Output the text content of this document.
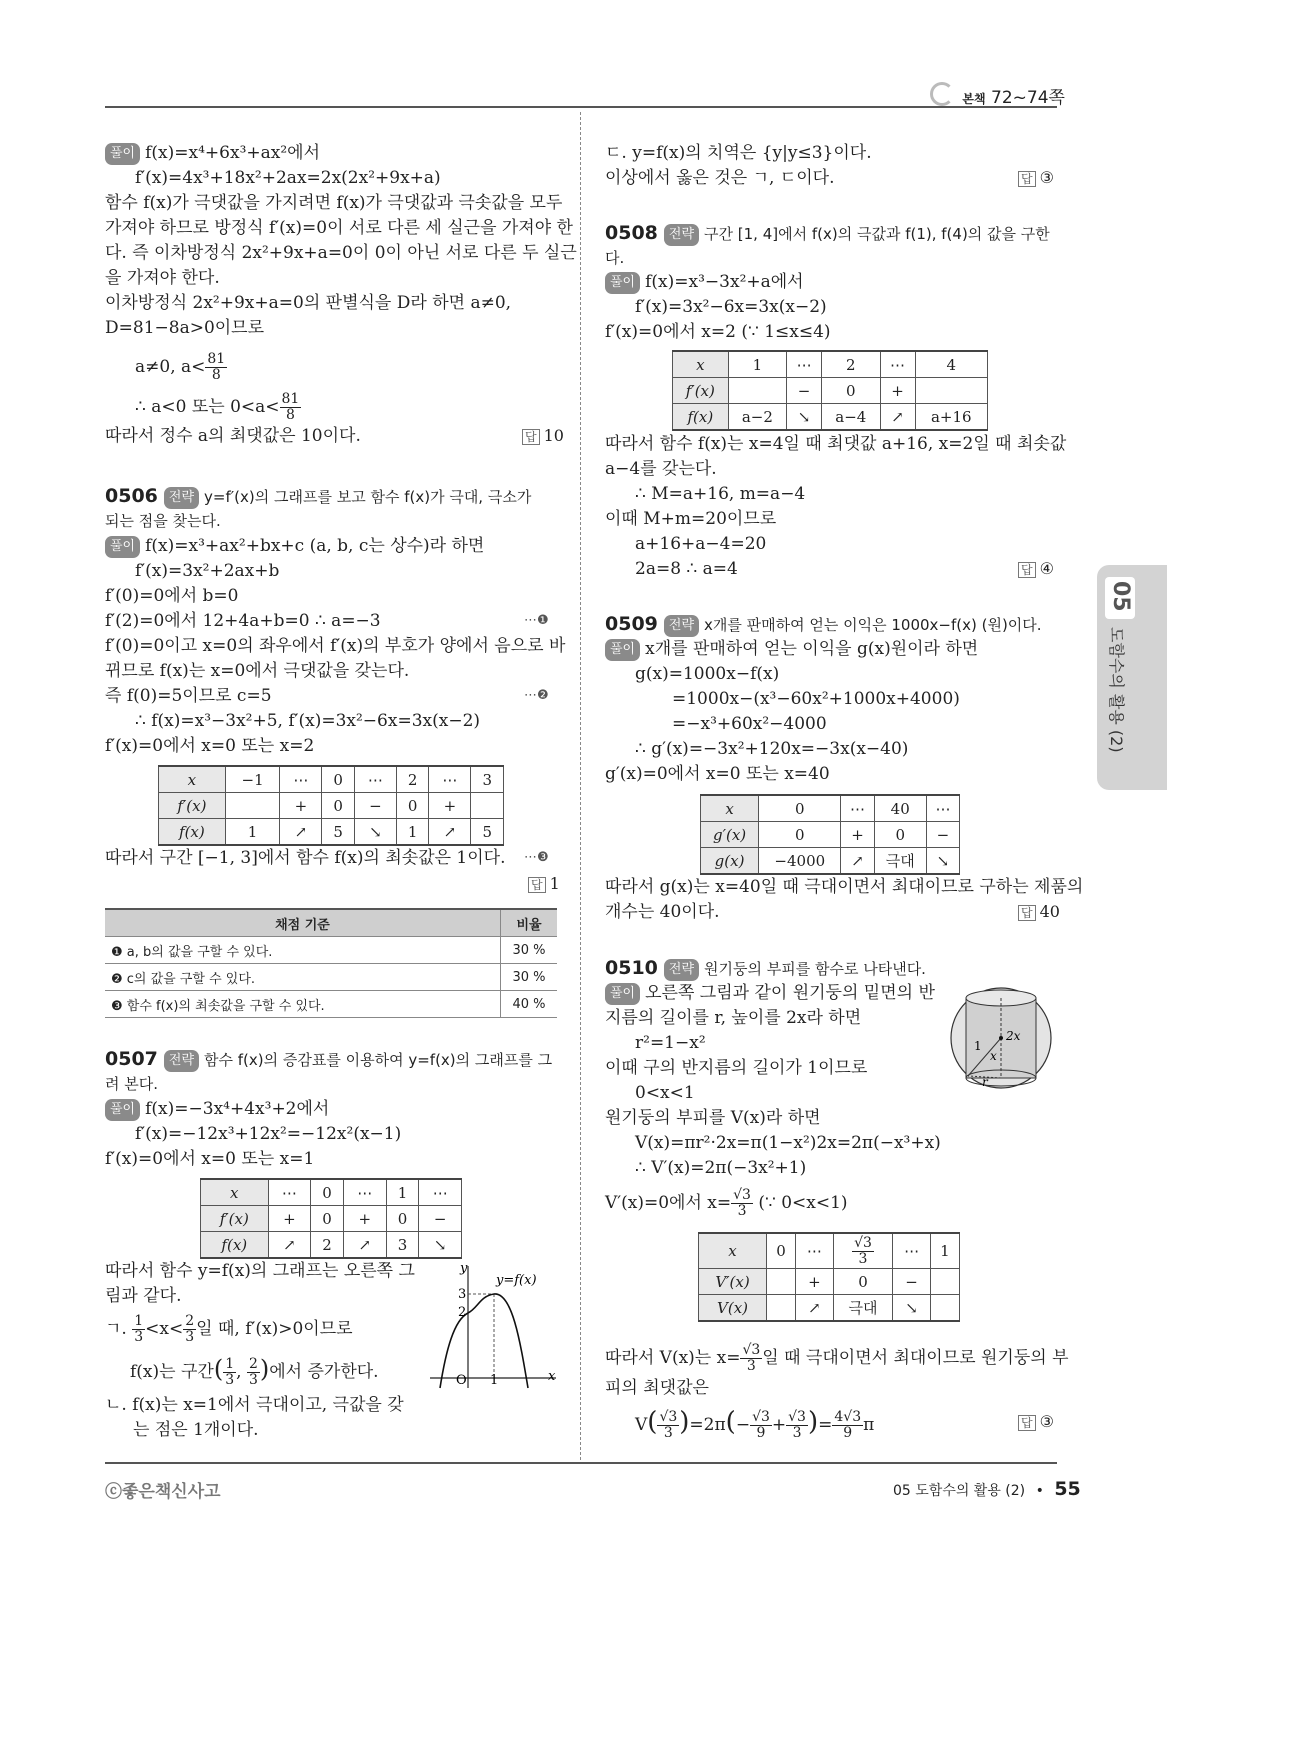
본책 72~74쪽
05
도함수의 활용 (2)
풀이 f(x)=x⁴+6x³+ax²에서
f′(x)=4x³+18x²+2ax=2x(2x²+9x+a)
함수 f(x)가 극댓값을 가지려면 f(x)가 극댓값과 극솟값을 모두
가져야 하므로 방정식 f′(x)=0이 서로 다른 세 실근을 가져야 한
다. 즉 이차방정식 2x²+9x+a=0이 0이 아닌 서로 다른 두 실근
을 가져야 한다.
이차방정식 2x²+9x+a=0의 판별식을 D라 하면 a≠0,
D=81−8a>0이므로
a≠0, $a< \frac{81}{8}$
∴ a<0 또는 $0<a< \frac{81}{8}$
따라서 정수 a의 최댓값은 10이다.	답 10
0506 전략 y=f′(x)의 그래프를 보고 함수 f(x)가 극대, 극소가
되는 점을 찾는다.
풀이 f(x)=x³+ax²+bx+c (a, b, c는 상수)라 하면
f′(x)=3x²+2ax+b
f′(0)=0에서 b=0
f′(2)=0에서 12+4a+b=0 ∴ a=−3	⋯❶
f′(0)=0이고 x=0의 좌우에서 f′(x)의 부호가 양에서 음으로 바
뀌므로 f(x)는 x=0에서 극댓값을 갖는다.
즉 f(0)=5이므로 c=5	⋯❷
∴ f(x)=x³−3x²+5, f′(x)=3x²−6x=3x(x−2)
f′(x)=0에서 x=0 또는 x=2
x	−1	⋯	0	⋯	2	⋯	3
f′(x)		+	0	−	0	+	
f(x)	1	↗	5	↘	1	↗	5
따라서 구간 [−1, 3]에서 함수 f(x)의 최솟값은 1이다. ⋯❸
답 1
채점 기준	비율
❶ a, b의 값을 구할 수 있다.	30 %
❷ c의 값을 구할 수 있다.	30 %
❸ 함수 f(x)의 최솟값을 구할 수 있다.	40 %
0507 전략 함수 f(x)의 증감표를 이용하여 y=f(x)의 그래프를 그
려 본다.
풀이 f(x)=−3x⁴+4x³+2에서
f′(x)=−12x³+12x²=−12x²(x−1)
f′(x)=0에서 x=0 또는 x=1
x	⋯	0	⋯	1	⋯
f′(x)	+	0	+	0	−
f(x)	↗	2	↗	3	↘
따라서 함수 y=f(x)의 그래프는 오른쪽 그
림과 같다.
ㄱ. $\frac{1}{3} <x< \frac{2}{3}$ 일 때, f′(x)>0이므로
f(x)는 구간( $\frac{1}{3}$ , $\frac{2}{3}$ )에서 증가한다.
ㄴ. f(x)는 x=1에서 극대이고, 극값을 갖
는 점은 1개이다.
y
x
O 1
3
2
y=f(x)
ㄷ. y=f(x)의 치역은 {y|y≤3}이다.
이상에서 옳은 것은 ㄱ, ㄷ이다.	답 ③
0508 전략 구간 [1, 4]에서 f(x)의 극값과 f(1), f(4)의 값을 구한
다.
풀이 f(x)=x³−3x²+a에서
f′(x)=3x²−6x=3x(x−2)
f′(x)=0에서 x=2 (∵ 1≤x≤4)
x	1	⋯	2	⋯	4
f′(x)		−	0	+	
f(x)	a−2	↘	a−4	↗	a+16
따라서 함수 f(x)는 x=4일 때 최댓값 a+16, x=2일 때 최솟값
a−4를 갖는다.
∴ M=a+16, m=a−4
이때 M+m=20이므로
a+16+a−4=20
2a=8 ∴ a=4	답 ④
0509 전략 x개를 판매하여 얻는 이익은 1000x−f(x) (원)이다.
풀이 x개를 판매하여 얻는 이익을 g(x)원이라 하면
g(x)=1000x−f(x)
=1000x−(x³−60x²+1000x+4000)
=−x³+60x²−4000
∴ g′(x)=−3x²+120x=−3x(x−40)
g′(x)=0에서 x=0 또는 x=40
x	0	⋯	40	⋯
g′(x)	0	+	0	−
g(x)	−4000	↗	극대	↘
따라서 g(x)는 x=40일 때 극대이면서 최대이므로 구하는 제품의
개수는 40이다.	답 40
0510 전략 원기둥의 부피를 함수로 나타낸다.
풀이 오른쪽 그림과 같이 원기둥의 밑면의 반
지름의 길이를 r, 높이를 2x라 하면
r²=1−x²
이때 구의 반지름의 길이가 1이므로
0<x<1
원기둥의 부피를 V(x)라 하면
V(x)=πr²·2x=π(1−x²)2x=2π(−x³+x)
∴ V′(x)=2π(−3x²+1)
V′(x)=0에서 $x= \frac{√3}{3}$ (∵ 0<x<1)
2x
1
x
r
x	0	⋯	$\frac{√3}{3}$	⋯	1
V′(x)		+	0	−	
V(x)		↗	극대	↘	
따라서 V(x)는 $x= \frac{√3}{3}$ 일 때 극대이면서 최대이므로 원기둥의 부
피의 최댓값은
$V( \frac{√3}{3} )=2\pi(- \frac{√3}{9} + \frac{√3}{3}$ )= $\frac{4√3}{9}$ π	답 ③
ⓒ좋은책신사고	05 도함수의 활용 (2) • 55
